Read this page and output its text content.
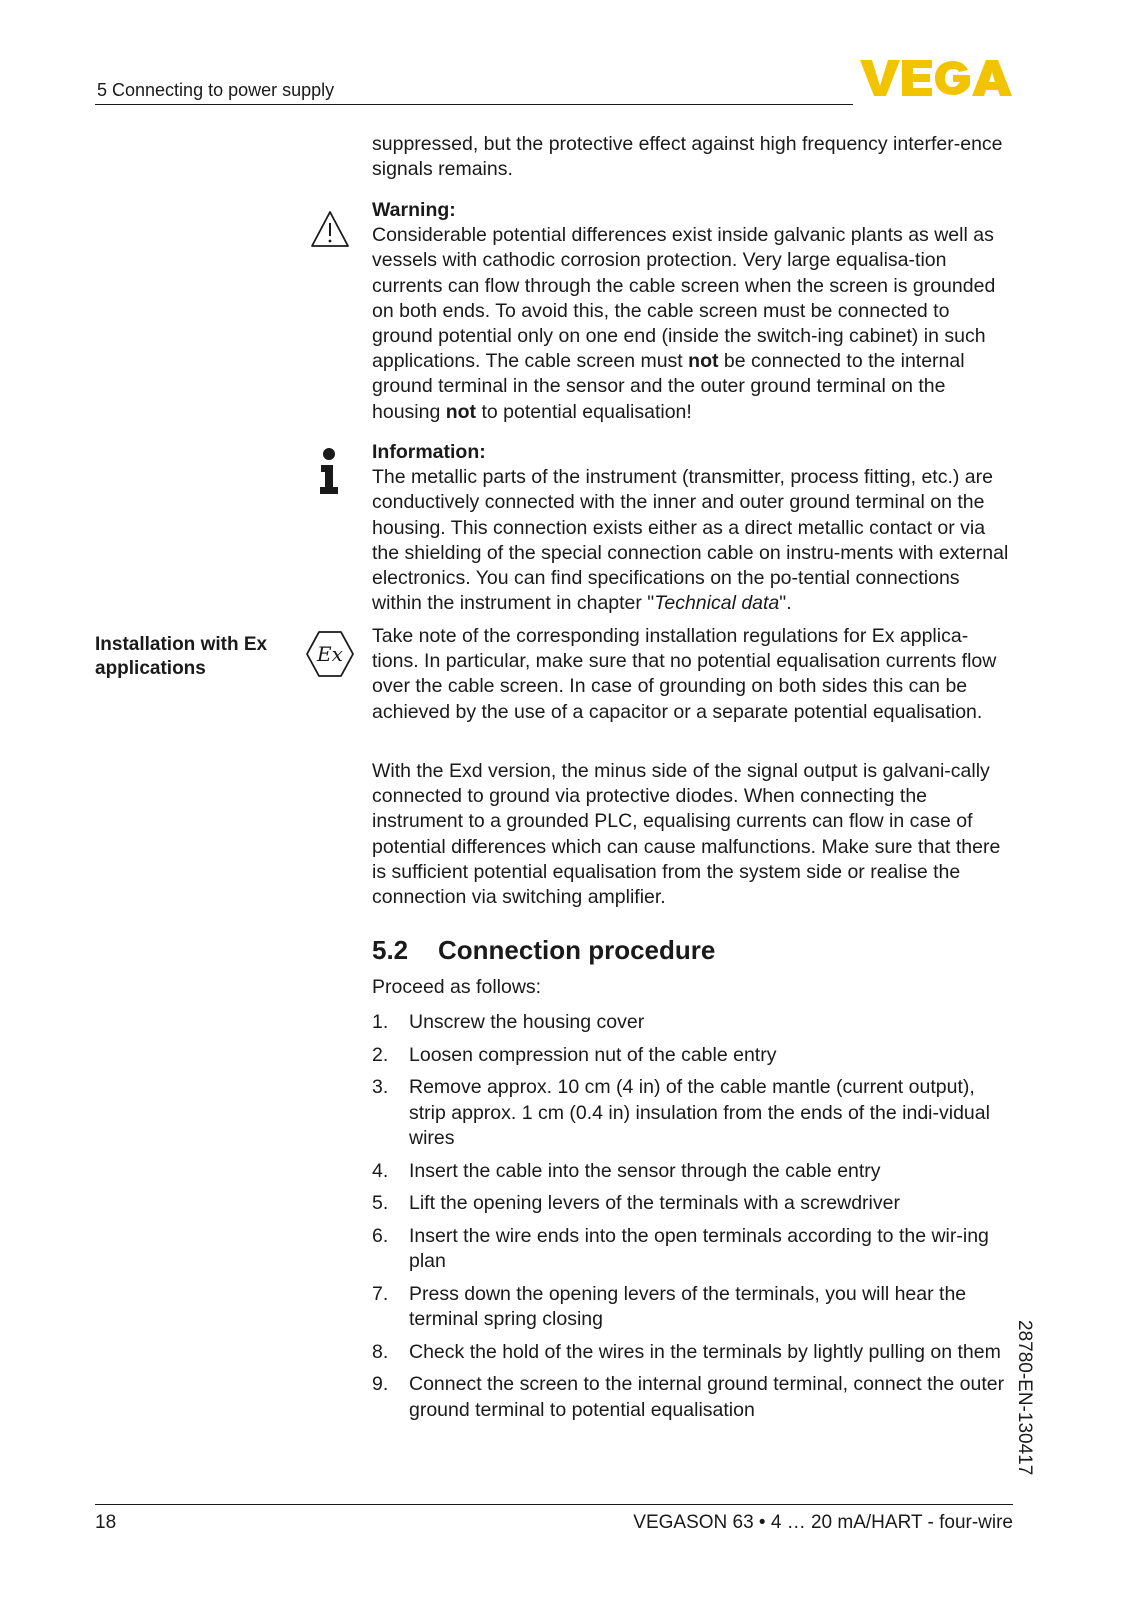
5 Connecting to power supply

suppressed, but the protective effect against high frequency interfer-ence signals remains.

Warning:

Considerable potential differences exist inside galvanic plants as well as vessels with cathodic corrosion protection. Very large equalisa-tion currents can flow through the cable screen when the screen is grounded on both ends. To avoid this, the cable screen must be connected to ground potential only on one end (inside the switch-ing cabinet) in such applications. The cable screen must not be connected to the internal ground terminal in the sensor and the outer ground terminal on the housing not to potential equalisation!

Information:

The metallic parts of the instrument (transmitter, process fitting, etc.) are conductively connected with the inner and outer ground terminal on the housing. This connection exists either as a direct metallic contact or via the shielding of the special connection cable on instru-ments with external electronics. You can find specifications on the po-tential connections within the instrument in chapter "Technical data".

Installation with Ex applications
Ex
Take note of the corresponding installation regulations for Ex applica-tions. In particular, make sure that no potential equalisation currents flow over the cable screen. In case of grounding on both sides this can be achieved by the use of a capacitor or a separate potential equalisation.
With the Exd version, the minus side of the signal output is galvani-cally connected to ground via protective diodes. When connecting the instrument to a grounded PLC, equalising currents can flow in case of potential differences which can cause malfunctions. Make sure that there is sufficient potential equalisation from the system side or realise the connection via switching amplifier.
5.2 Connection procedure
Proceed as follows:
1. Unscrew the housing cover
2. Loosen compression nut of the cable entry
3. Remove approx. 10 cm (4 in) of the cable mantle (current output), strip approx. 1 cm (0.4 in) insulation from the ends of the indi-vidual wires
4. Insert the cable into the sensor through the cable entry
5. Lift the opening levers of the terminals with a screwdriver
6. Insert the wire ends into the open terminals according to the wir-ing plan
7. Press down the opening levers of the terminals, you will hear the terminal spring closing
8. Check the hold of the wires in the terminals by lightly pulling on them
9. Connect the screen to the internal ground terminal, connect the outer ground terminal to potential equalisation	28780-EN-130417
18	VEGASON 63 • 4 … 20 mA/HART - four-wire
